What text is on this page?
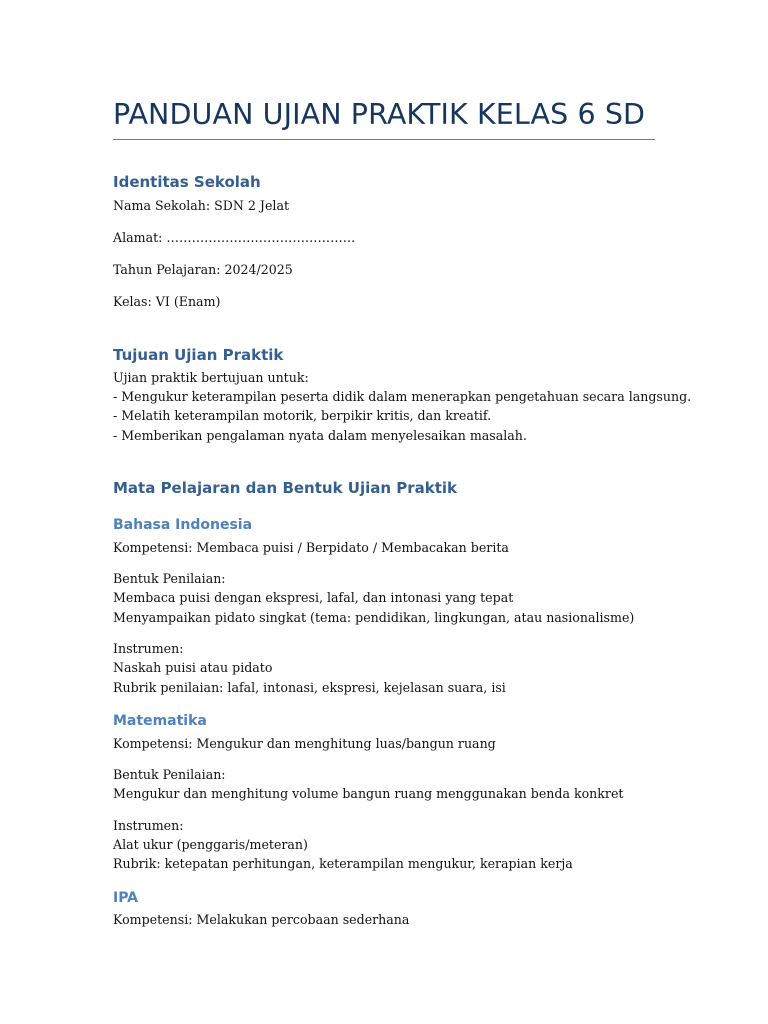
PANDUAN UJIAN PRAKTIK KELAS 6 SD
Identitas Sekolah
Nama Sekolah: SDN 2 Jelat
Alamat: ………………………………………
Tahun Pelajaran: 2024/2025
Kelas: VI (Enam)
Tujuan Ujian Praktik
Ujian praktik bertujuan untuk:
- Mengukur keterampilan peserta didik dalam menerapkan pengetahuan secara langsung.
- Melatih keterampilan motorik, berpikir kritis, dan kreatif.
- Memberikan pengalaman nyata dalam menyelesaikan masalah.
Mata Pelajaran dan Bentuk Ujian Praktik
Bahasa Indonesia
Kompetensi: Membaca puisi / Berpidato / Membacakan berita
Bentuk Penilaian:
Membaca puisi dengan ekspresi, lafal, dan intonasi yang tepat
Menyampaikan pidato singkat (tema: pendidikan, lingkungan, atau nasionalisme)
Instrumen:
Naskah puisi atau pidato
Rubrik penilaian: lafal, intonasi, ekspresi, kejelasan suara, isi
Matematika
Kompetensi: Mengukur dan menghitung luas/bangun ruang
Bentuk Penilaian:
Mengukur dan menghitung volume bangun ruang menggunakan benda konkret
Instrumen:
Alat ukur (penggaris/meteran)
Rubrik: ketepatan perhitungan, keterampilan mengukur, kerapian kerja
IPA
Kompetensi: Melakukan percobaan sederhana
